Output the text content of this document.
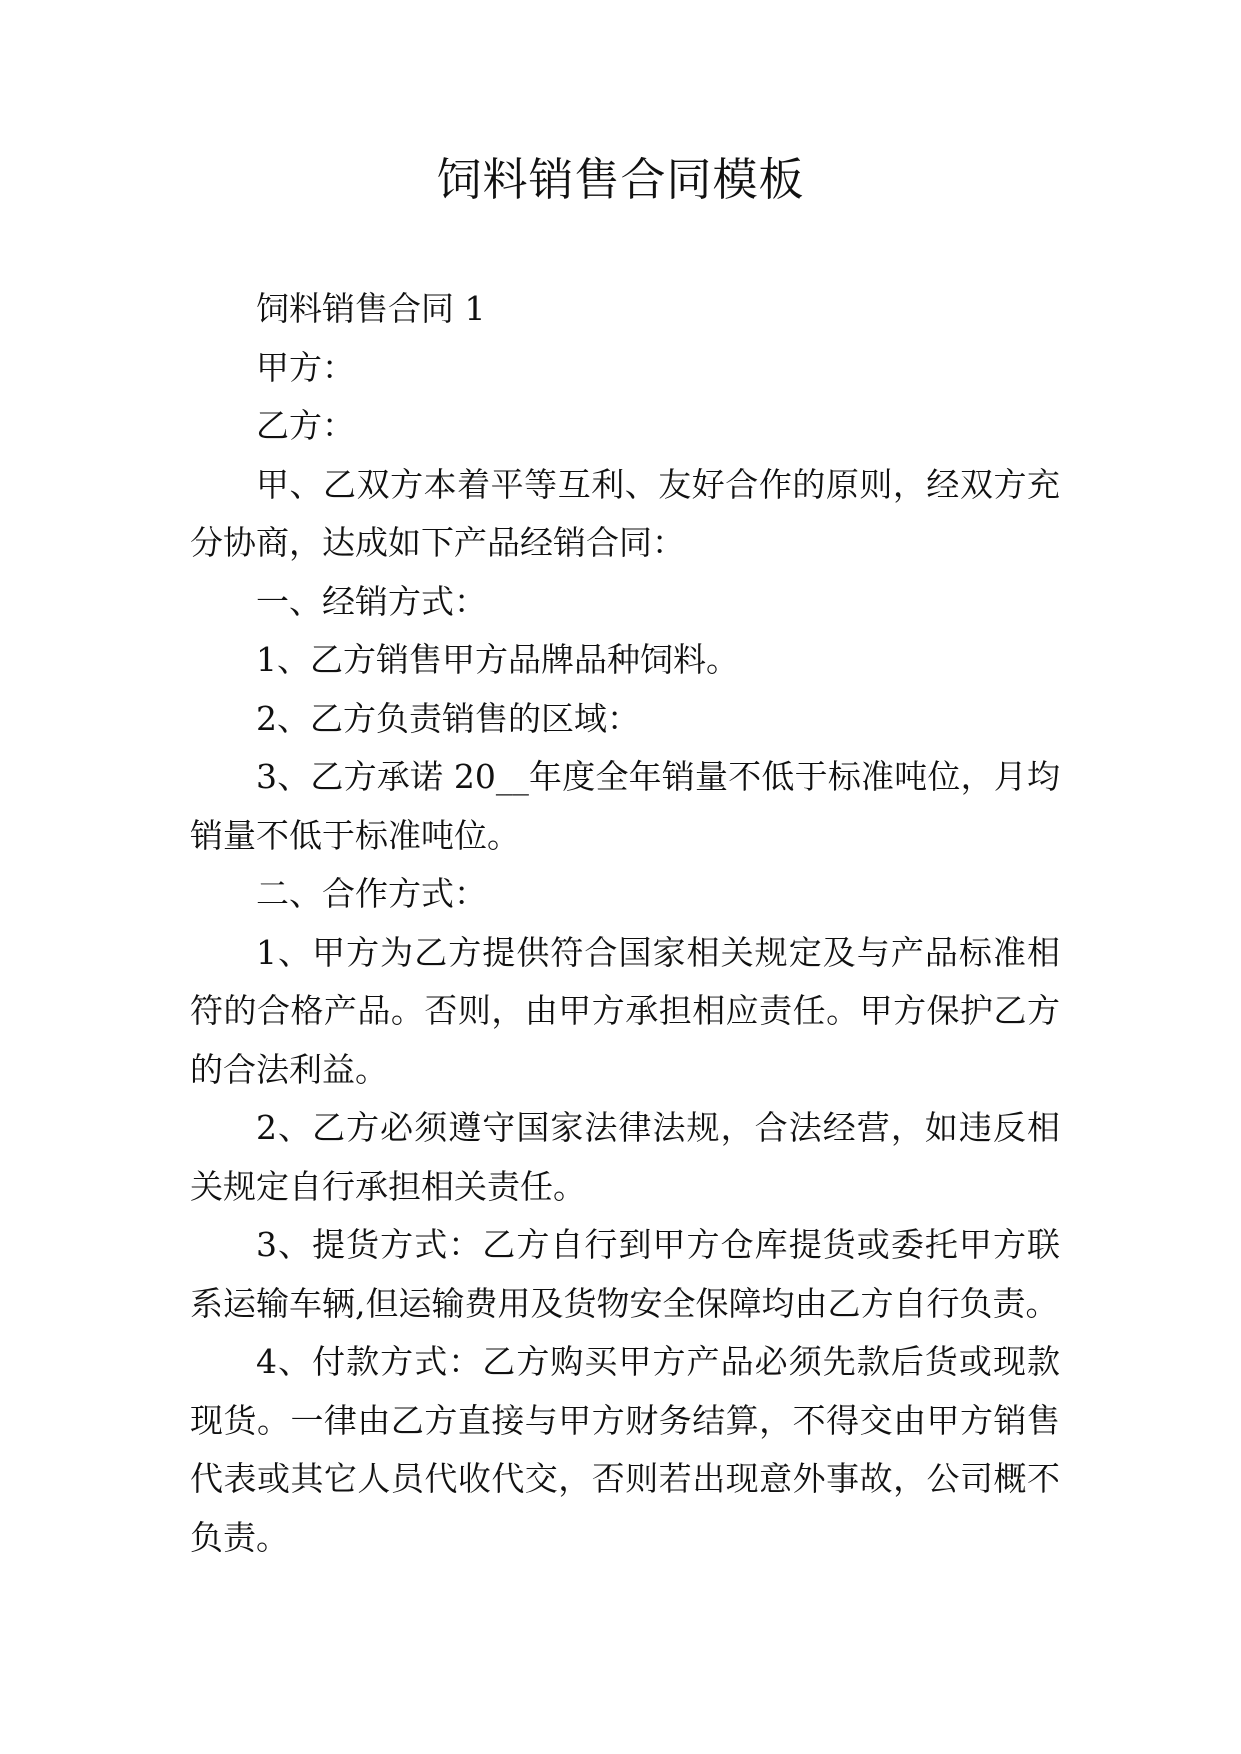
饲料销售合同模板

饲料销售合同 1

甲方：

乙方：

甲、乙双方本着平等互利、友好合作的原则，经双方充分协商，达成如下产品经销合同：

一、经销方式：

1、乙方销售甲方品牌品种饲料。

2、乙方负责销售的区域：

3、乙方承诺 20__年度全年销量不低于标准吨位，月均销量不低于标准吨位。

二、合作方式：

1、甲方为乙方提供符合国家相关规定及与产品标准相符的合格产品。否则，由甲方承担相应责任。甲方保护乙方的合法利益。

2、乙方必须遵守国家法律法规，合法经营，如违反相关规定自行承担相关责任。

3、提货方式：乙方自行到甲方仓库提货或委托甲方联系运输车辆,但运输费用及货物安全保障均由乙方自行负责。

4、付款方式：乙方购买甲方产品必须先款后货或现款现货。一律由乙方直接与甲方财务结算，不得交由甲方销售代表或其它人员代收代交，否则若出现意外事故，公司概不负责。
